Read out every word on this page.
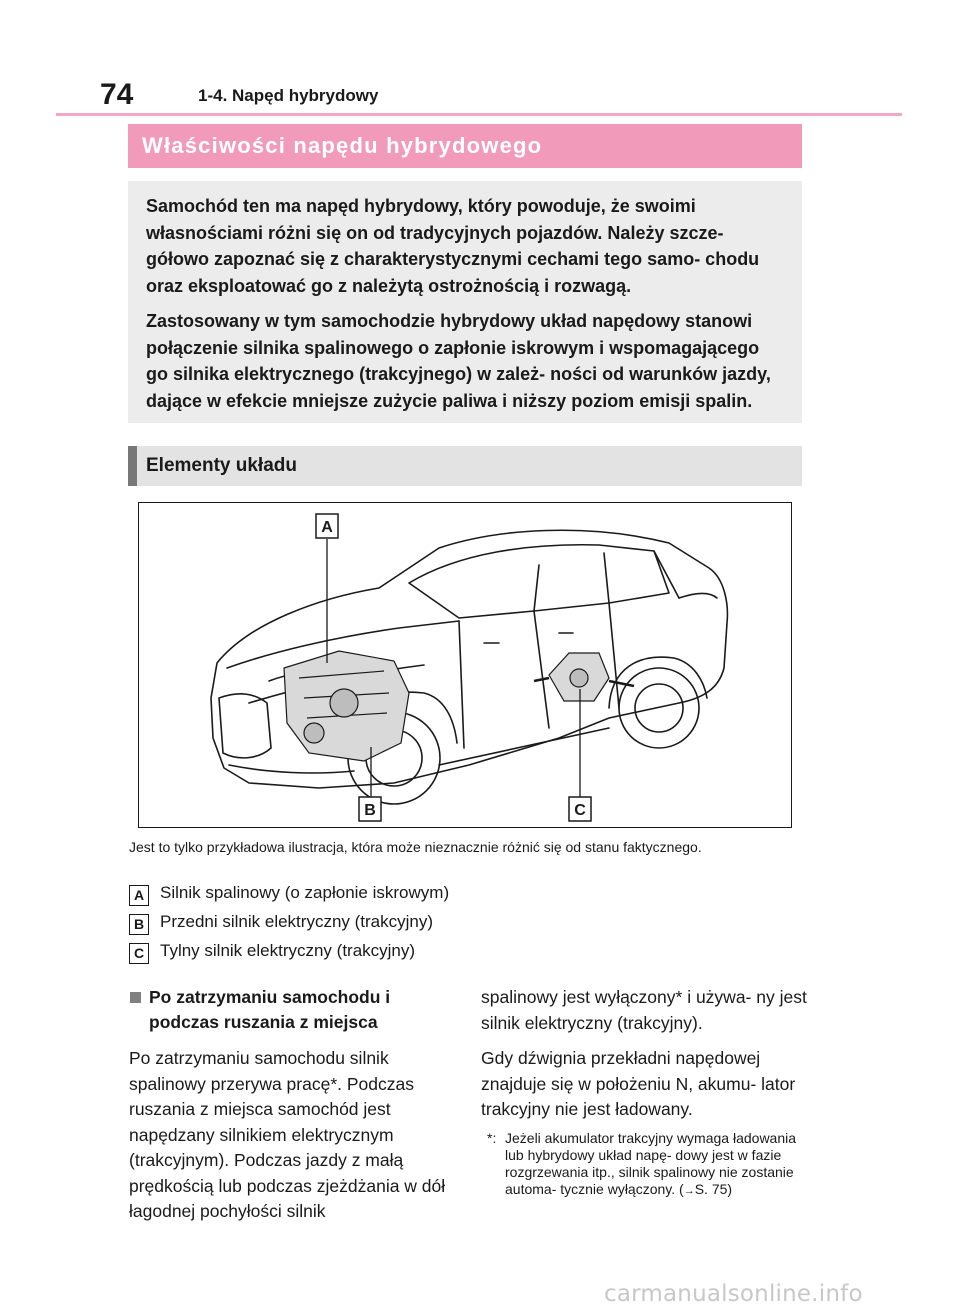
74	1-4. Napęd hybrydowy
Właściwości napędu hybrydowego

Samochód ten ma napęd hybrydowy, który powoduje, że swoimi własnościami różni się on od tradycyjnych pojazdów. Należy szcze- gółowo zapoznać się z charakterystycznymi cechami tego samo- chodu oraz eksploatować go z należytą ostrożnością i rozwagą.

Zastosowany w tym samochodzie hybrydowy układ napędowy stanowi połączenie silnika spalinowego o zapłonie iskrowym i wspomagającego go silnika elektrycznego (trakcyjnego) w zależ- ności od warunków jazdy, dające w efekcie mniejsze zużycie paliwa i niższy poziom emisji spalin.

Elementy układu
A
B	C
Jest to tylko przykładowa ilustracja, która może nieznacznie różnić się od stanu faktycznego.
A Silnik spalinowy (o zapłonie iskrowym)
B Przedni silnik elektryczny (trakcyjny)
C Tylny silnik elektryczny (trakcyjny)
Po zatrzymaniu samochodu i podczas ruszania z miejsca

Po zatrzymaniu samochodu silnik spalinowy przerywa pracę*. Podczas ruszania z miejsca samochód jest napędzany silnikiem elektrycznym (trakcyjnym). Podczas jazdy z małą prędkością lub podczas zjeżdżania w dół łagodnej pochyłości silnik

spalinowy jest wyłączony* i używa- ny jest silnik elektryczny (trakcyjny).

Gdy dźwignia przekładni napędowej znajduje się w położeniu N, akumu- lator trakcyjny nie jest ładowany.

*: Jeżeli akumulator trakcyjny wymaga ładowania lub hybrydowy układ napę- dowy jest w fazie rozgrzewania itp., silnik spalinowy nie zostanie automa- tycznie wyłączony. (→S. 75)
carmanualsonline.info
